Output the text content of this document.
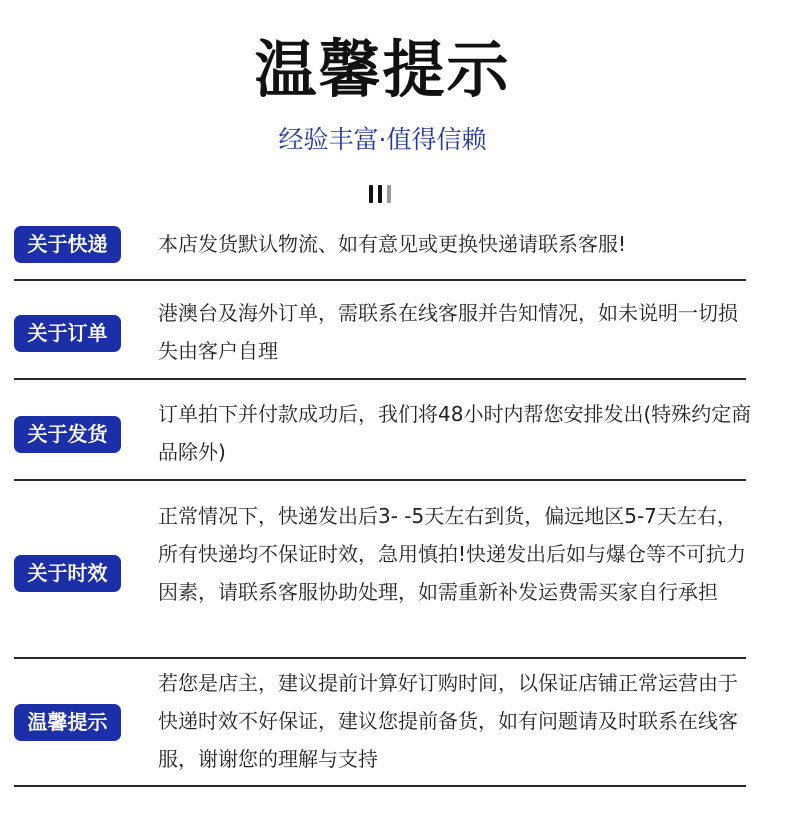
温馨提示
经验丰富·值得信赖
关于快递	本店发货默认物流、如有意见或更换快递请联系客服!

关于订单

港澳台及海外订单，需联系在线客服并告知情况，如未说明一切损失由客户自理

关于发货

订单拍下并付款成功后，我们将48小时内帮您安排发出(特殊约定商品除外)

关于时效

正常情况下，快递发出后3- -5天左右到货，偏远地区5-7天左右，所有快递均不保证时效，急用慎拍!快递发出后如与爆仓等不可抗力因素，请联系客服协助处理，如需重新补发运费需买家自行承担

温馨提示

若您是店主，建议提前计算好订购时间，以保证店铺正常运营由于快递时效不好保证，建议您提前备货，如有问题请及时联系在线客服，谢谢您的理解与支持
